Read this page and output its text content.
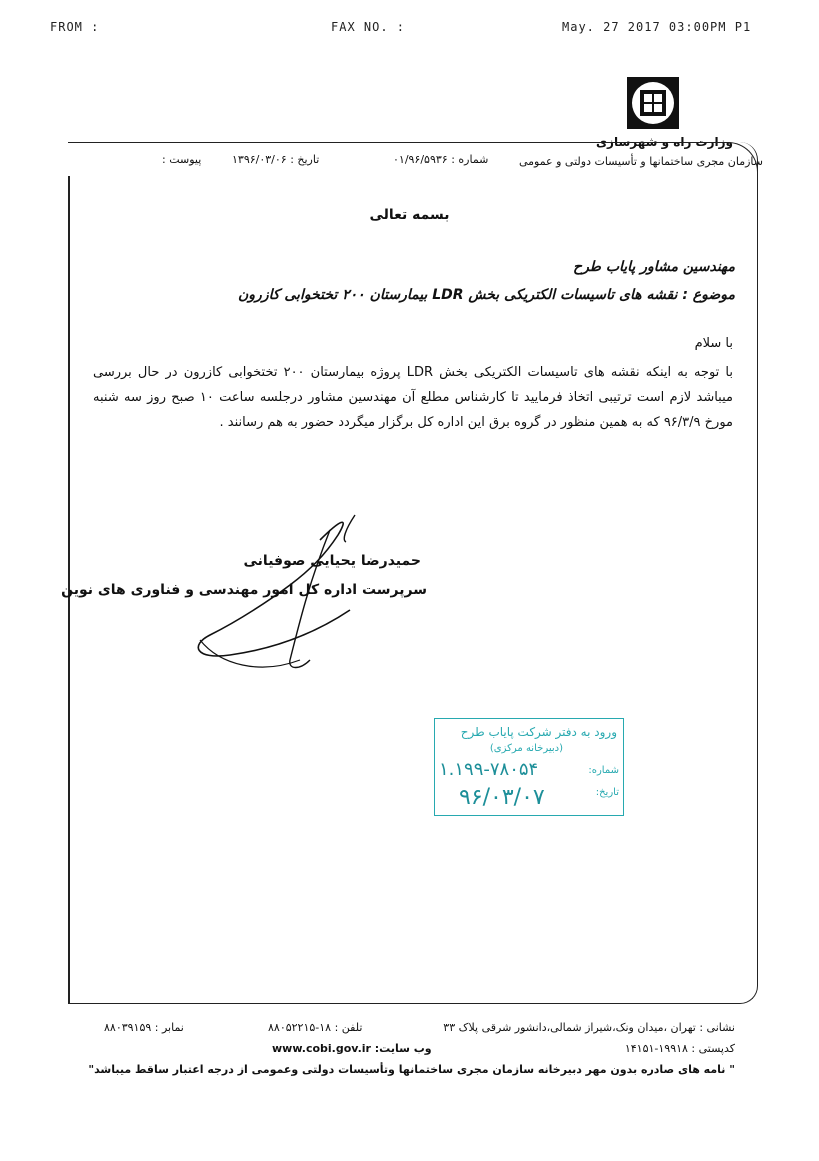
FROM :	FAX NO. :	May. 27 2017 03:00PM P1
وزارت راه و شهرسازی
سازمان مجری ساختمانها و تأسیسات دولتی و عمومی
شماره : ۰۱/۹۶/۵۹۳۶
تاریخ : ۱۳۹۶/۰۳/۰۶
پیوست :
بسمه تعالی
مهندسین مشاور پایاب طرح
موضوع : نقشه های تاسیسات الکتریکی بخش LDR بیمارستان ۲۰۰ تختخوابی کازرون
با سلام
با توجه به اینکه نقشه های تاسیسات الکتریکی بخش LDR پروژه بیمارستان ۲۰۰ تختخوابی کازرون در حال بررسی میباشد لازم است ترتیبی اتخاذ فرمایید تا کارشناس مطلع آن مهندسین مشاور درجلسه ساعت ۱۰ صبح روز سه شنبه مورخ ۹۶/۳/۹ که به همین منظور در گروه برق این اداره کل برگزار میگردد حضور به هم رسانند .
حمیدرضا یحیایی صوفیانی
سرپرست اداره کل امور مهندسی و فناوری های نوین
ورود به دفتر شرکت پایاب طرح
(دبیرخانه مرکزی)
شماره:
تاریخ:
۱.۱۹۹-۷۸۰۵۴
۹۶/۰۳/۰۷
نشانی : تهران ،میدان ونک،شیراز شمالی،دانشور شرقی پلاک ۳۳
تلفن : ۱۸-۸۸۰۵۲۲۱۵
نمابر : ۸۸۰۳۹۱۵۹
کدپستی : ۱۹۹۱۸-۱۴۱۵۱
وب سایت: www.cobi.gov.ir
" نامه های صادره بدون مهر دبیرخانه سازمان مجری ساختمانها وتأسیسات دولتی وعمومی از درجه اعتبار ساقط میباشد"
